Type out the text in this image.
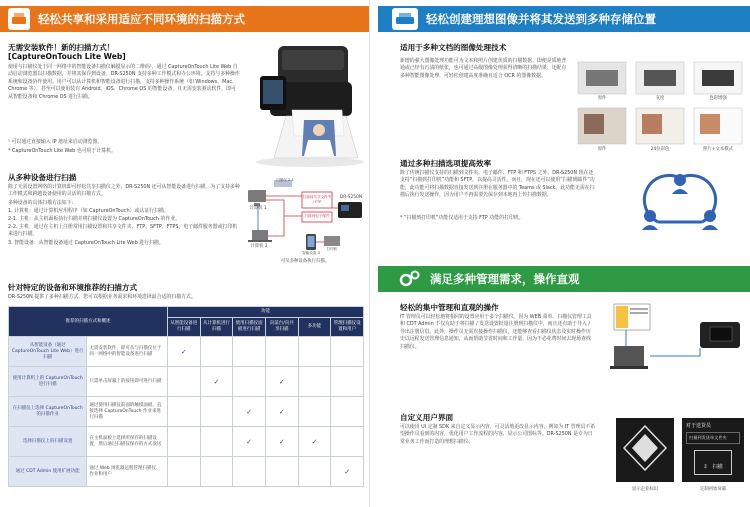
轻松共享和采用适应不同环境的扫描方式
无需安装软件！新的扫描方式！
[CaptureOnTouch Lite Web]
使用与扫描仪处于同一网络中的智能设备扫描仪触摸显示的二维码¹，通过 CaptureOnTouch Lite Web 自动启动浏览器以扫描数据，并将其保存到设备。DR-S250N 支持多种工作模式和办公环境，支持与多种操作系统和设备协作使用。用户可以从计算机和智能设备进行扫描，支持多种操作系统（如 Windows、Mac、Chrome 等），甚至可以使用装有 Android、iOS、Chrome OS 的智能设备，且无需安装驱动软件，即可从智能设备和 Chrome OS 进行扫描。
¹ 可以通过直接输入 IP 地址来启动浏览器。
* CaptureOnTouch Lite Web 也可用于计算机。
从多种设备进行扫描
除了无需设置网络的计算机即可轻松共享扫描仪之外，DR-S250N 还可从智能设备进行扫描。为了支持多种工作模式和跨越设备使用的灵活的扫描方式。
多种设备的具体扫描方法如下：
1. 计算机：通过计算机应用程序（如 CaptureOnTouch）或认证行扫描。
2-1. 主机：从主机面板执行扫描并将扫描仪设置为 CaptureOnTouch 的作业。
2-2. 主机：通过在主机上注册常用扫描设置和共享文件夹、FTP、SFTP、FTPS、电子邮件服务器或打印机来进行扫描。
3. 智能设备：从智能设备通过 CaptureOnTouch Lite Web 进行扫描。
计算机 1
扫描仪 2-1
计算机 2
DR-S250N
扫描到共享文件夹 / FTP
扫描到电子邮件
智能设备 3
打印机
可从多种设备执行扫描。
针对特定的设备和环境推荐的扫描方式
DR-S250N 提供了多种扫描方式，您可以根据业务需求和环境选择最合适的扫描方式。
推荐的扫描方式和概述		功能					
		从智能设备进行扫描	从计算机进行扫描	使用扫描仪面板进行扫描	向前台/向共享扫描	多功能	管理扫描仪设置和用户
从智能设备（通过 CaptureOnTouch Lite Web）进行扫描	无需安装软件，即可从与扫描仪位于同一网络中的智能设备进行扫描	✓					
使用计算机上的 CaptureOnTouch 进行扫描	只需单击屏幕上的按钮即可进行扫描		✓		✓		
在扫描仪上选择 CaptureOnTouch 的扫描作业	通过使用扫描仪前面的触摸面板，直接选择 CaptureOnTouch 作业来进行扫描			✓	✓		
选择扫描仪上的扫描设置	在主机面板上选择所保存的扫描设置，然后通过扫描仪保存的方式发送			✓	✓	✓	
通过 CDT Admin 使用扩展功能	通过 Web 浏览器远程管理扫描仪、作业和用户						✓
轻松创建理想图像并将其发送到多种存储位置
适用于多种文档的图像处理技术
新增的强大图像处理功能可为文本和照片创建优质的扫描数据。即便是质地普通或已经有污渍的纸张，也可通过高级图像处理获得清晰的扫描结果；还配有多种智能图像处理，可轻松创建高度准确且适合 OCR 的图像数据。
原件	灰度	色彩增强
原件	24位彩色	照片+文本模式
通过多种扫描选项提高效率
除了传统扫描仪支持的扫描到文件夹、电子邮件、FTP 和 FTPS 之外，DR-S250N 现在还支持“扫描到打印机”功能和 SFTP，以提高灵活性。而且，现在还可以使用“扫描到邮件”功能，此功能可将扫描数据直接发送到注册在服务器中的 Teams 或 Slack。此功能无需在扫描后执行发送操作，因为用户不再需要先保存到本地再上传扫描数据。
* “扫描到打印机”功能仅适用于支持 FTP 功能的打印机。
满足多种管理需求，操作直观
轻松的集中管理和直观的操作
IT 管理员可以轻松地将相同的设置应用于多个扫描仪。因为 WEB 菜单、扫描仪管理工具和 CDT Admin 不仅有助于将扫描 / 发送设置批量注册到扫描仪中，而且还有助于导入 / 导出注册信息。此外，操作员无需直接操作扫描仪，还能够查看扫描仪状态及实时操作历史以远程发送管理信息通知，从而帮助节省时间和工作量，因为不必花费时间去现场查找扫描仪。
自定义用户界面
可以使用 UI 定制 SDK 来自定义显示内容，可灵活地更改显示内容，例如为 IT 管理员不希望操作员看到的内容，优化用户工作流程的内容，显示公司图标等。DR-S250N 是专为日常业务工作而打造的理想扫描仪。
显示企业标识
对于送货员
扫描到发货单文件夹
⇩ 扫描
定制初始屏幕
